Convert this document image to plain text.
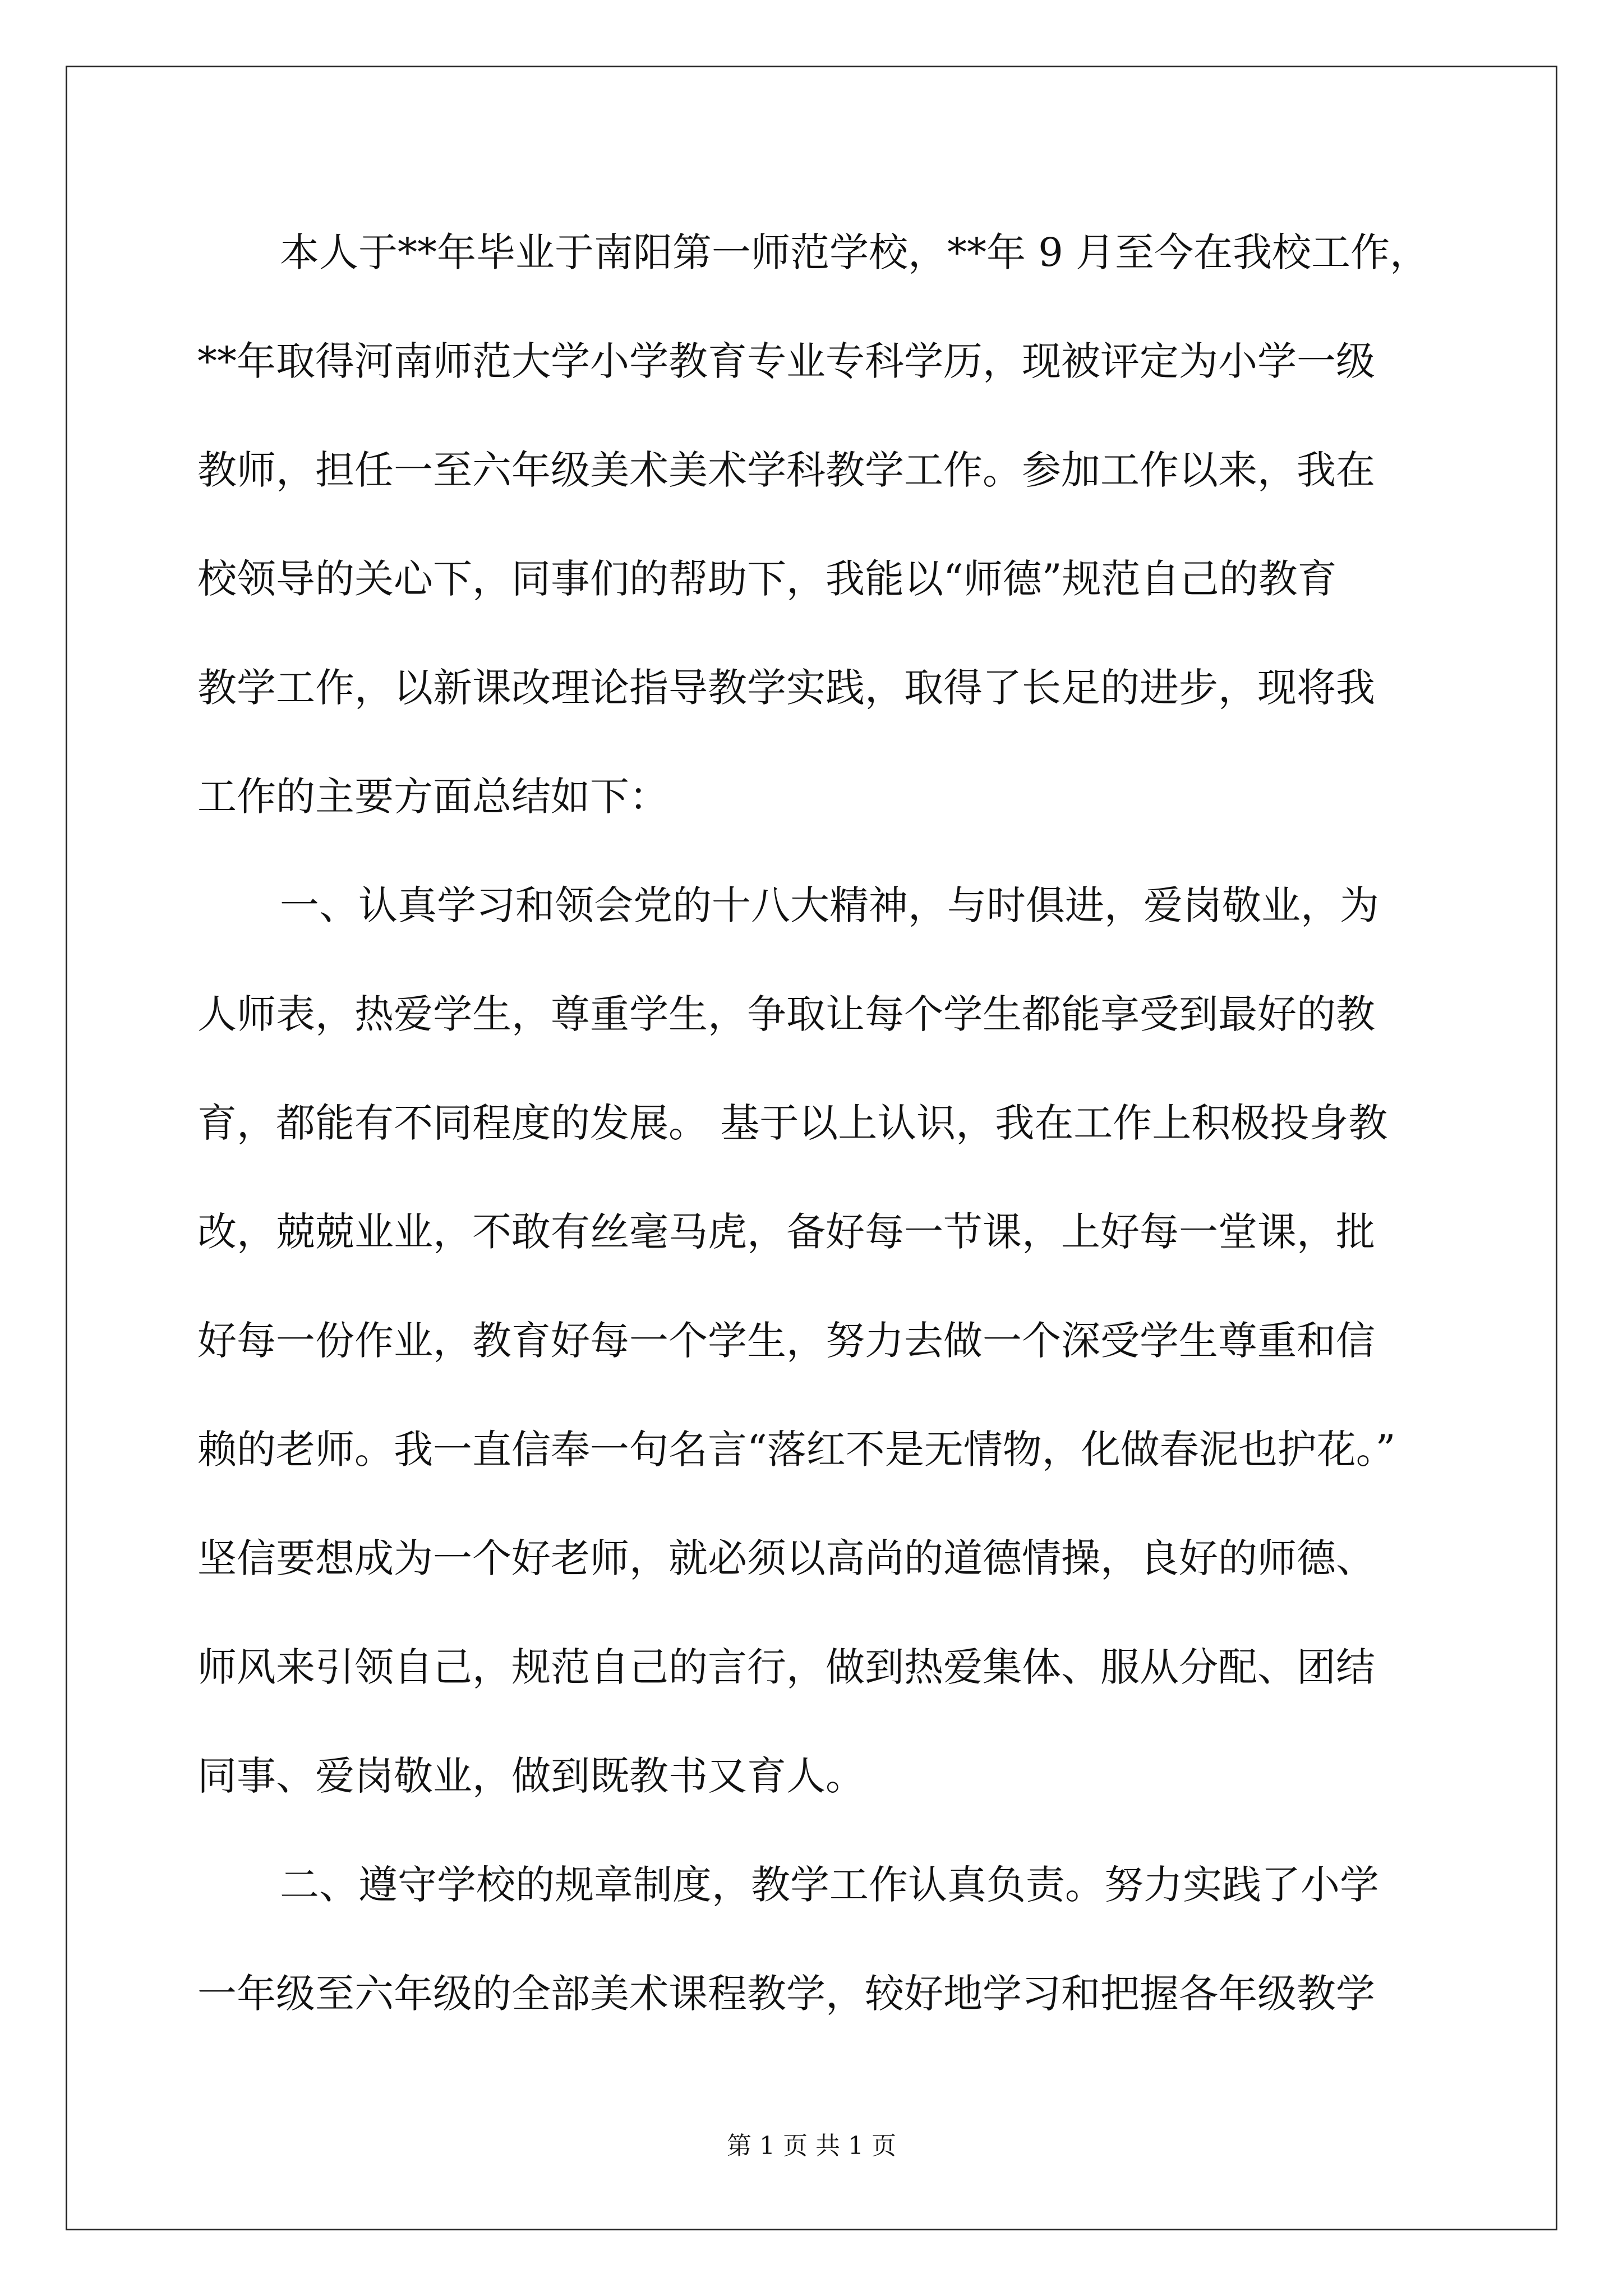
本人于**年毕业于南阳第一师范学校，**年 9 月至今在我校工作，
**年取得河南师范大学小学教育专业专科学历，现被评定为小学一级
教师，担任一至六年级美术美术学科教学工作。参加工作以来，我在
校领导的关心下，同事们的帮助下，我能以“师德”规范自己的教育
教学工作，以新课改理论指导教学实践，取得了长足的进步，现将我
工作的主要方面总结如下：
一、认真学习和领会党的十八大精神，与时俱进，爱岗敬业，为
人师表，热爱学生，尊重学生，争取让每个学生都能享受到最好的教
育，都能有不同程度的发展。 基于以上认识，我在工作上积极投身教
改，兢兢业业，不敢有丝毫马虎，备好每一节课，上好每一堂课，批
好每一份作业，教育好每一个学生，努力去做一个深受学生尊重和信
赖的老师。我一直信奉一句名言“落红不是无情物，化做春泥也护花。”
坚信要想成为一个好老师，就必须以高尚的道德情操，良好的师德、
师风来引领自己，规范自己的言行，做到热爱集体、服从分配、团结
同事、爱岗敬业，做到既教书又育人。
二、遵守学校的规章制度，教学工作认真负责。努力实践了小学
一年级至六年级的全部美术课程教学，较好地学习和把握各年级教学
第 1 页 共 1 页
